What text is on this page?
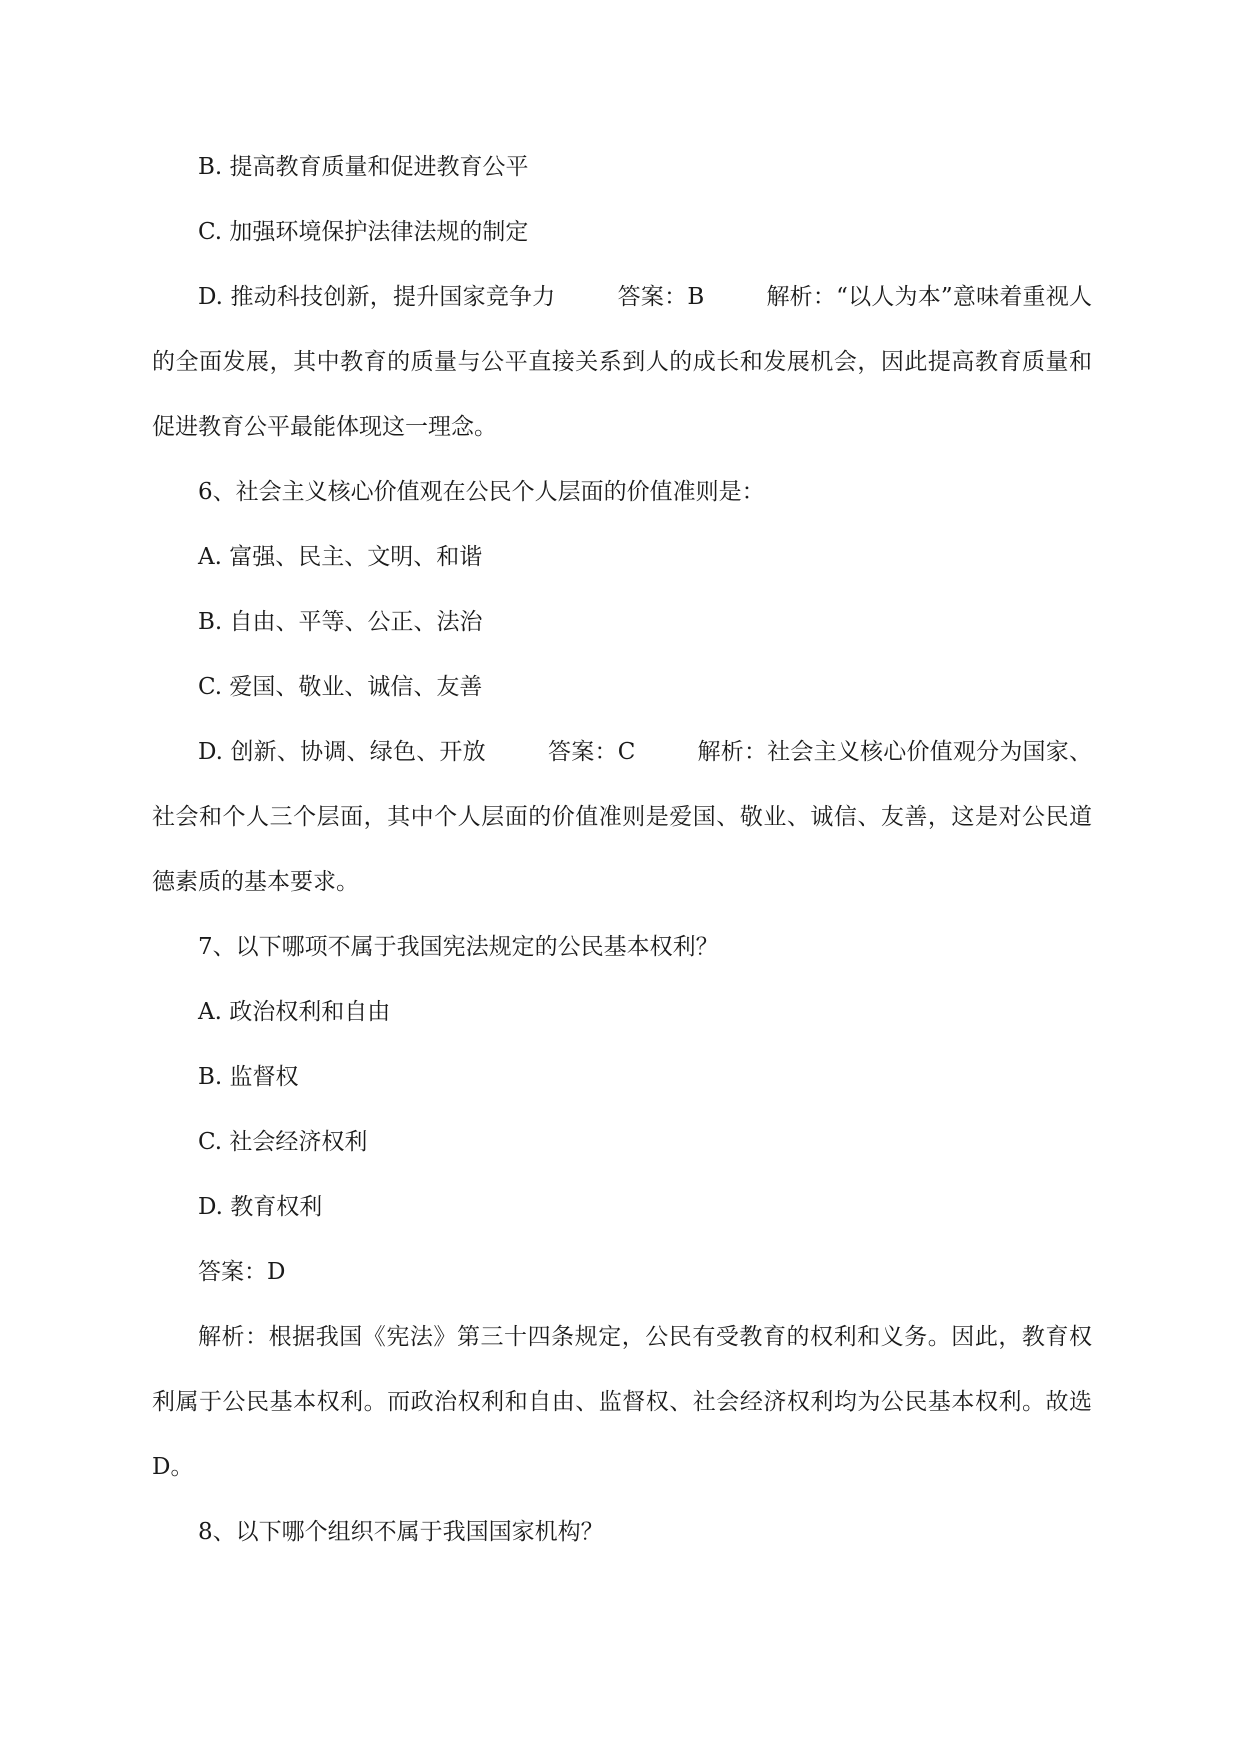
B. 提高教育质量和促进教育公平
C. 加强环境保护法律法规的制定
D. 推动科技创新，提升国家竞争力	答案：B	解析：“以人为本”意味着重视人的全面发展，其中教育的质量与公平直接关系到人的成长和发展机会，因此提高教育质量和促进教育公平最能体现这一理念。
6、社会主义核心价值观在公民个人层面的价值准则是：
A. 富强、民主、文明、和谐
B. 自由、平等、公正、法治
C. 爱国、敬业、诚信、友善
D. 创新、协调、绿色、开放	答案：C	解析：社会主义核心价值观分为国家、社会和个人三个层面，其中个人层面的价值准则是爱国、敬业、诚信、友善，这是对公民道德素质的基本要求。
7、以下哪项不属于我国宪法规定的公民基本权利？
A. 政治权利和自由
B. 监督权
C. 社会经济权利
D. 教育权利
答案：D
解析：根据我国《宪法》第三十四条规定，公民有受教育的权利和义务。因此，教育权利属于公民基本权利。而政治权利和自由、监督权、社会经济权利均为公民基本权利。故选D。
8、以下哪个组织不属于我国国家机构？
